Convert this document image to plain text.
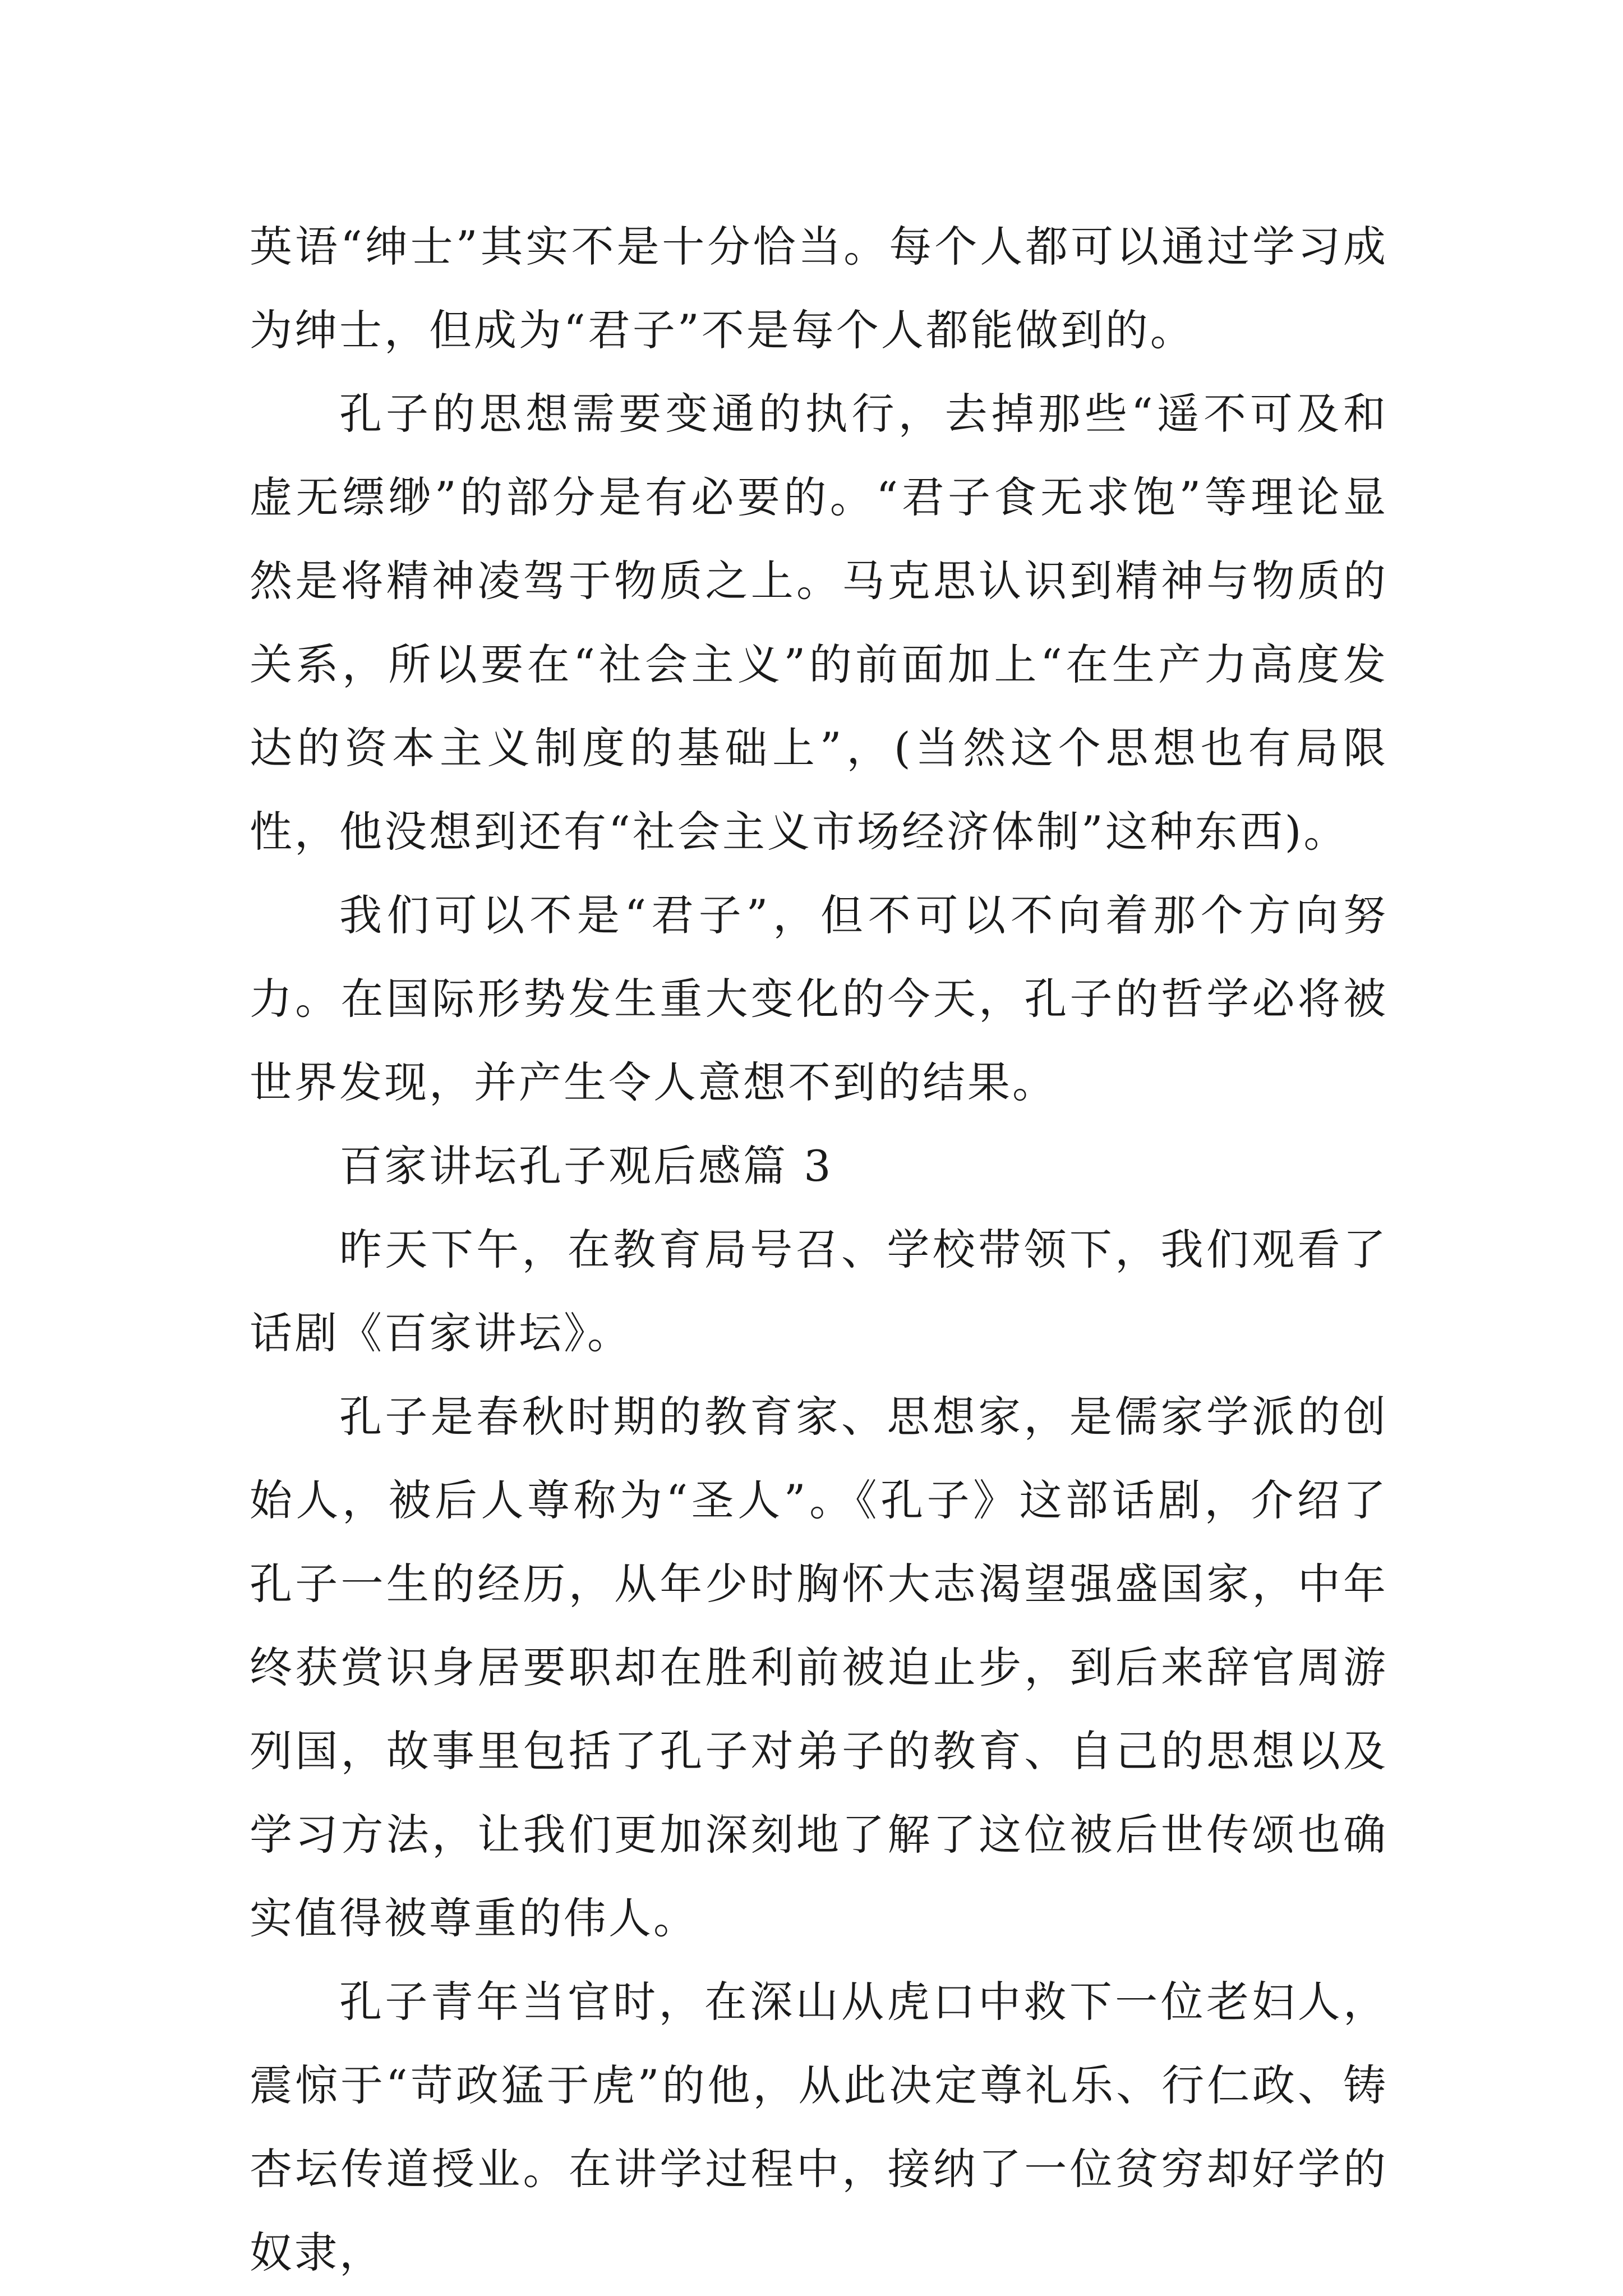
英语“绅士”其实不是十分恰当。每个人都可以通过学习成为绅士，但成为“君子”不是每个人都能做到的。

孔子的思想需要变通的执行，去掉那些“遥不可及和虚无缥缈”的部分是有必要的。“君子食无求饱”等理论显然是将精神凌驾于物质之上。马克思认识到精神与物质的关系，所以要在“社会主义”的前面加上“在生产力高度发达的资本主义制度的基础上”，(当然这个思想也有局限性，他没想到还有“社会主义市场经济体制”这种东西)。

我们可以不是“君子”，但不可以不向着那个方向努力。在国际形势发生重大变化的今天，孔子的哲学必将被世界发现，并产生令人意想不到的结果。

百家讲坛孔子观后感篇 3

昨天下午，在教育局号召、学校带领下，我们观看了话剧《百家讲坛》。

孔子是春秋时期的教育家、思想家，是儒家学派的创始人，被后人尊称为“圣人”。《孔子》这部话剧，介绍了孔子一生的经历，从年少时胸怀大志渴望强盛国家，中年终获赏识身居要职却在胜利前被迫止步，到后来辞官周游列国，故事里包括了孔子对弟子的教育、自己的思想以及学习方法，让我们更加深刻地了解了这位被后世传颂也确实值得被尊重的伟人。

孔子青年当官时，在深山从虎口中救下一位老妇人，震惊于“苛政猛于虎”的他，从此决定尊礼乐、行仁政、铸杏坛传道授业。在讲学过程中，接纳了一位贫穷却好学的奴隶，
